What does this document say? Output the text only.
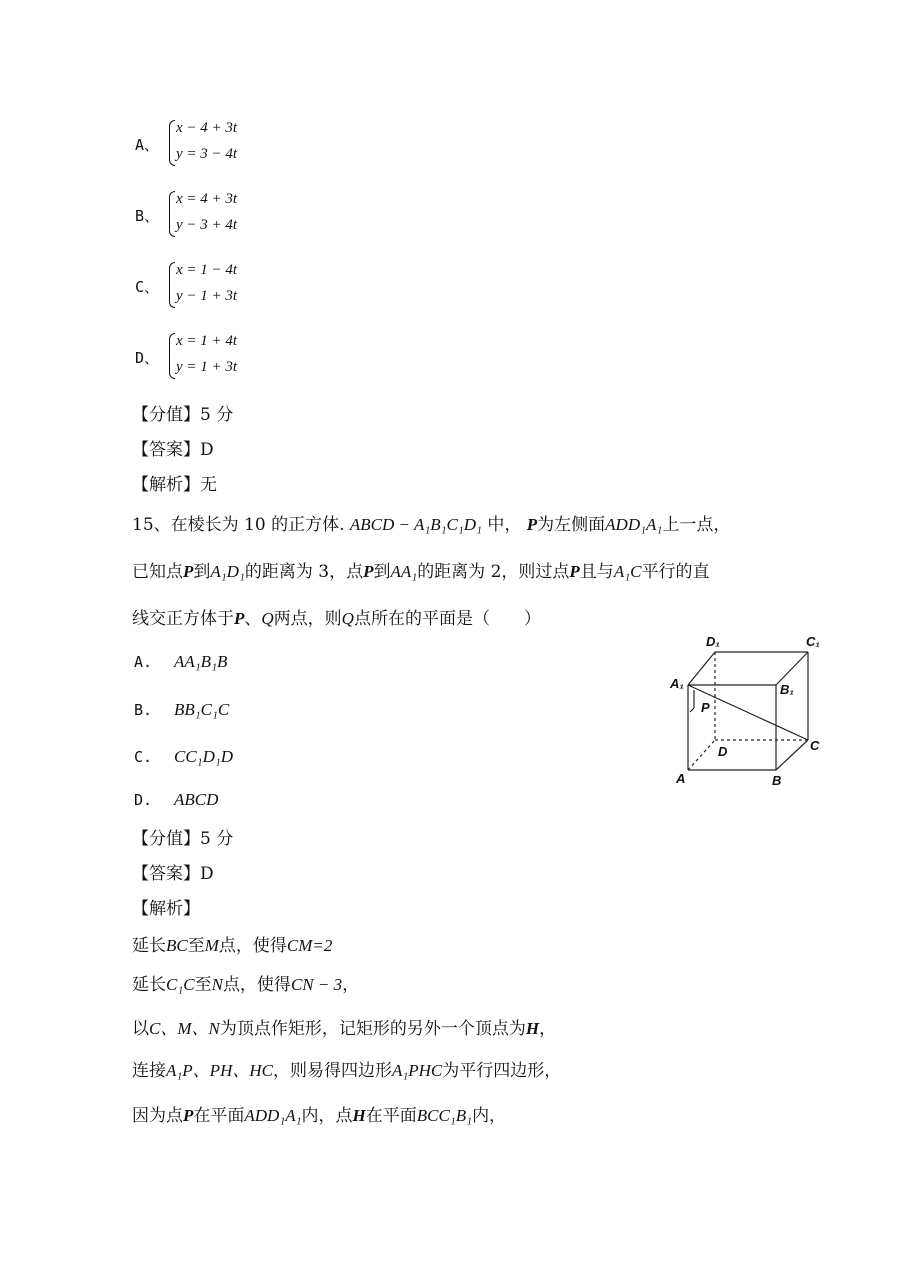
A、
x − 4 + 3t
y = 3 − 4t
B、
x = 4 + 3t
y − 3 + 4t
C、
x = 1 − 4t
y − 1 + 3t
D、
x = 1 + 4t
y = 1 + 3t
【分值】5 分
【答案】D
【解析】无
15、在棱长为 10 的正方体. ABCD − A₁B₁C₁D₁ 中， P为左侧面ADD₁A₁上一点，
已知点P到A₁D₁的距离为 3，点P到AA₁的距离为 2，则过点P且与A₁C平行的直
线交正方体于P、Q两点，则Q点所在的平面是（　　）
A. AA₁B₁B
B. BB₁C₁C
C. CC₁D₁D
D. ABCD
【分值】5 分
【答案】D
【解析】
延长BC至M点，使得CM=2
延长C₁C至N点，使得CN − 3，
以C、M、N为顶点作矩形，记矩形的另外一个顶点为H，
连接A₁P、PH、HC，则易得四边形A₁PHC为平行四边形，
因为点P在平面ADD₁A₁内，点H在平面BCC₁B₁内，
D₁	C₁
A₁	B₁
P
D	C
A	B
